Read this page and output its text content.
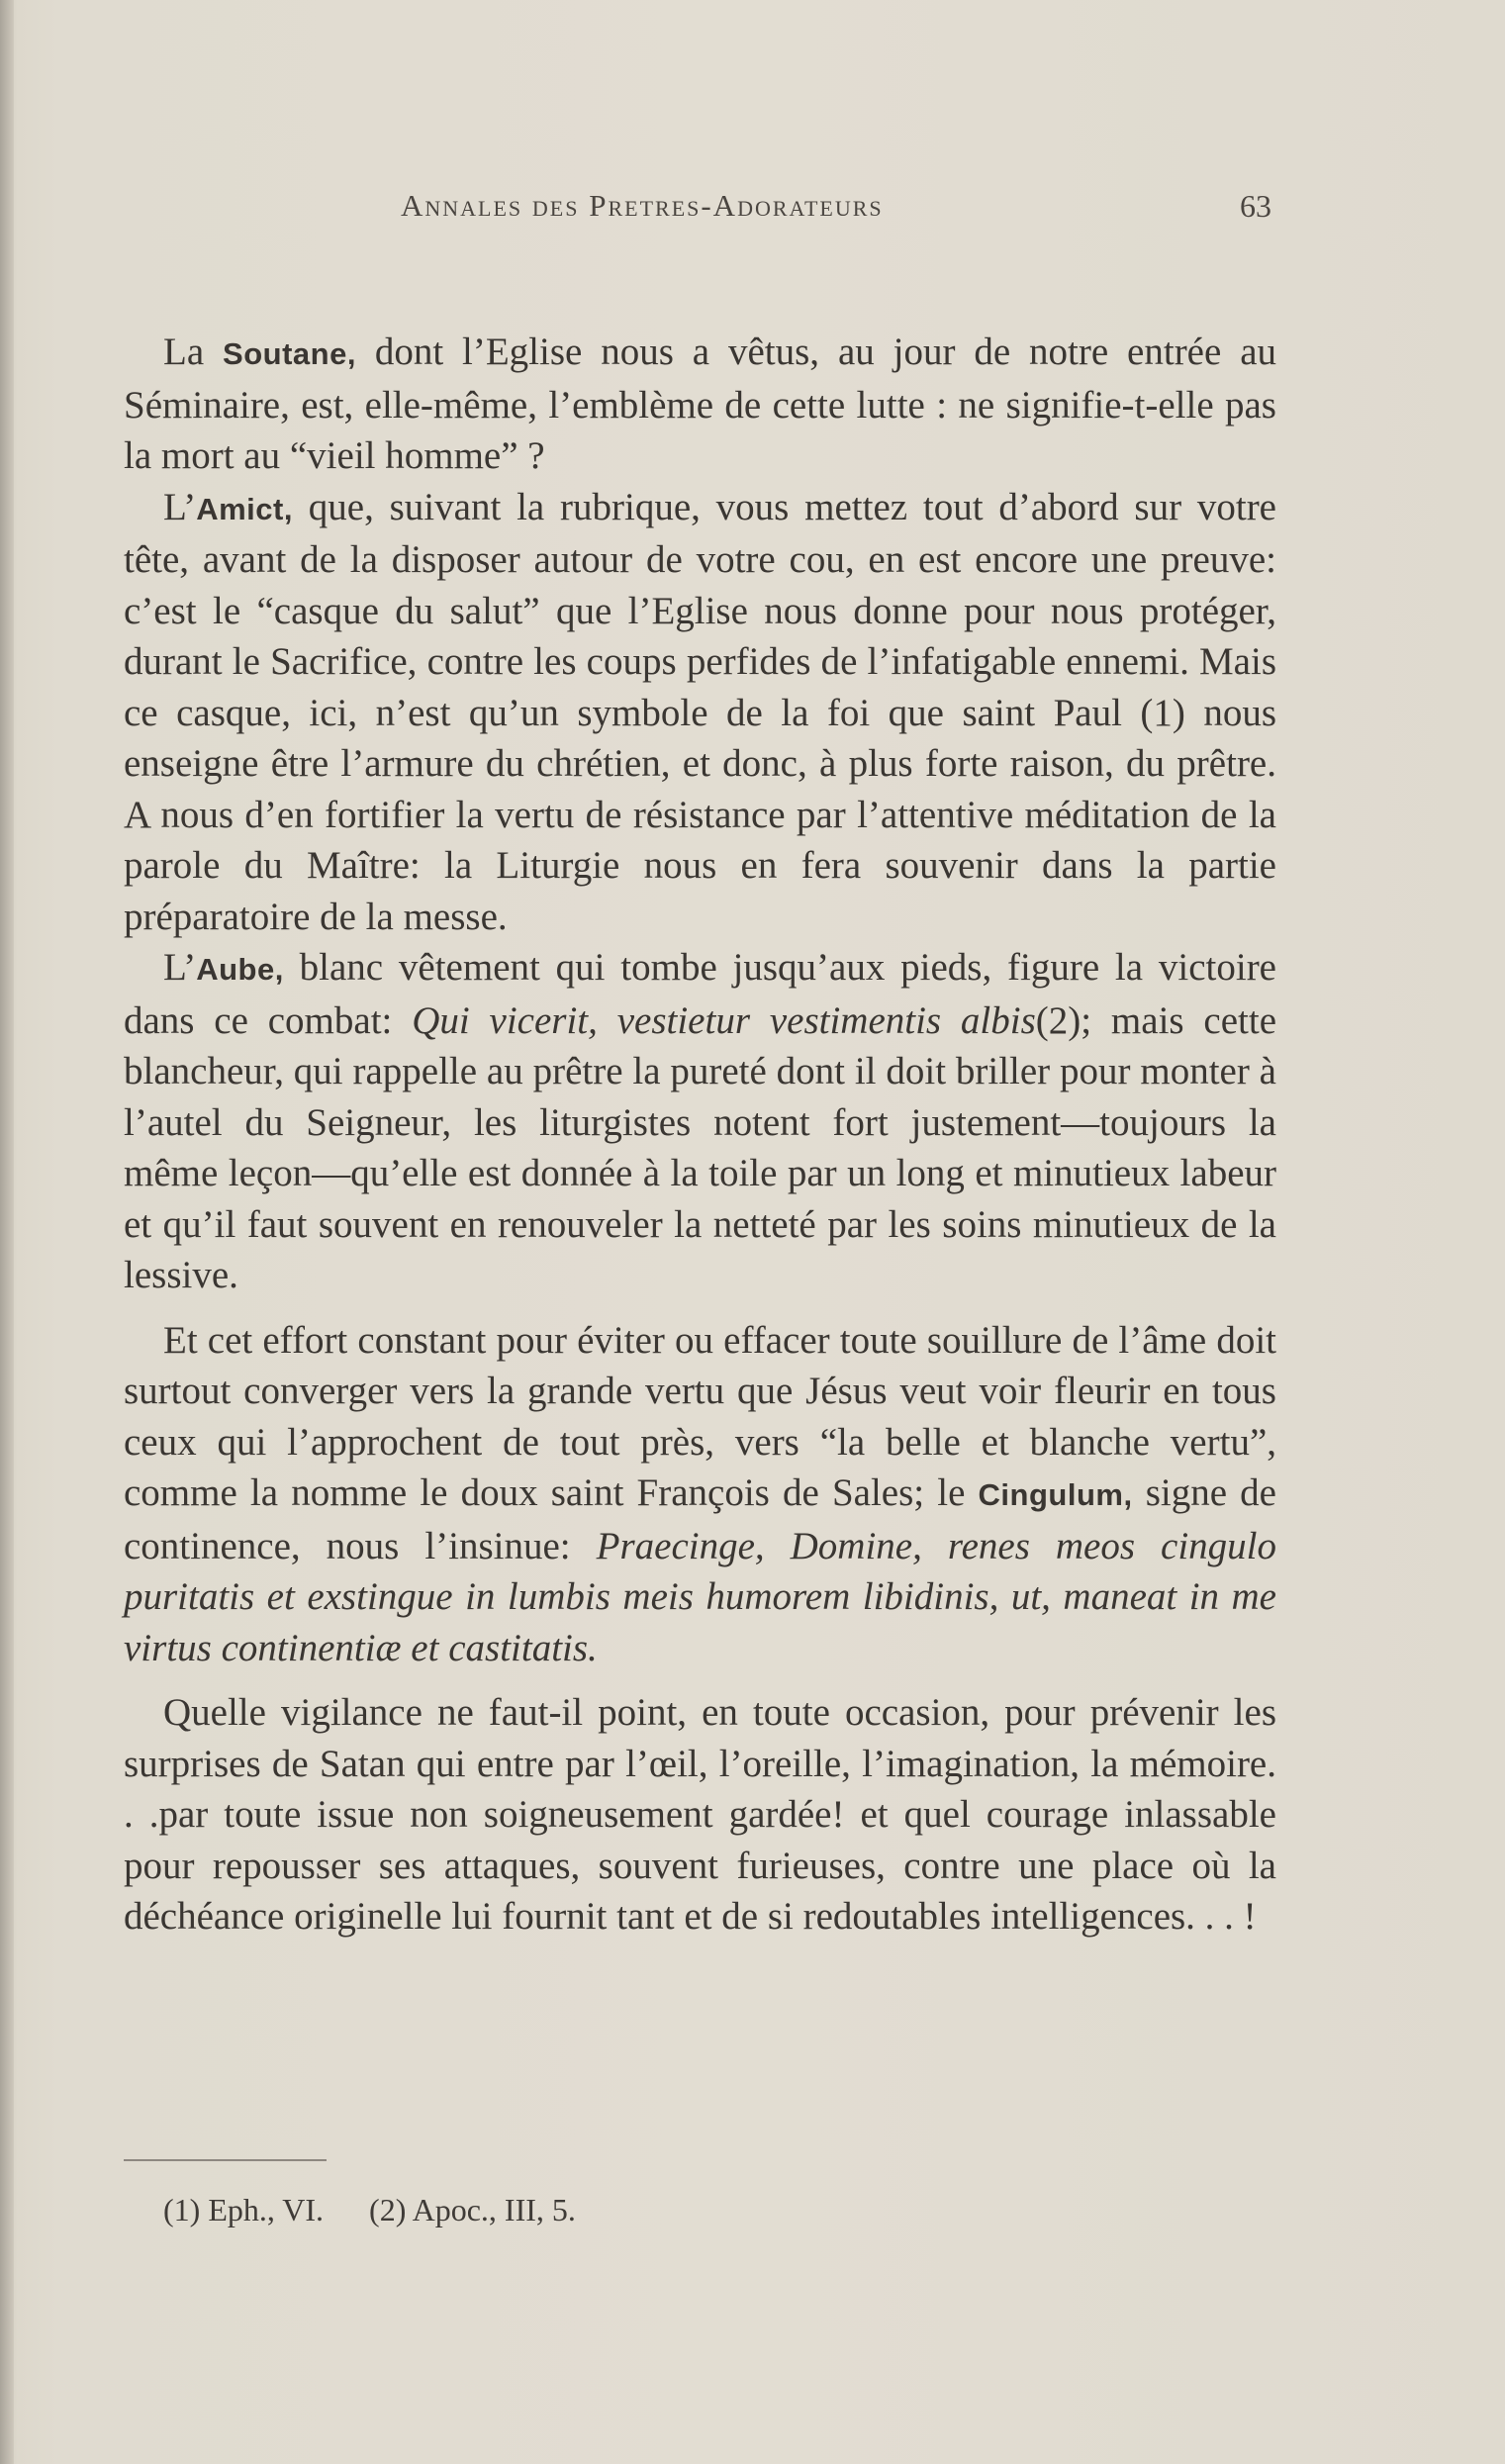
Annales des Pretres-Adorateurs	63

La Soutane, dont l’Eglise nous a vêtus, au jour de notre entrée au Séminaire, est, elle-même, l’emblème de cette lutte : ne signifie-t-elle pas la mort au “vieil homme” ?

L’Amict, que, suivant la rubrique, vous mettez tout d’abord sur votre tête, avant de la disposer autour de votre cou, en est encore une preuve: c’est le “casque du salut” que l’Eglise nous donne pour nous protéger, durant le Sacrifice, contre les coups perfides de l’infatigable ennemi. Mais ce casque, ici, n’est qu’un symbole de la foi que saint Paul (1) nous enseigne être l’armure du chrétien, et donc, à plus forte raison, du prêtre. A nous d’en fortifier la vertu de résistance par l’attentive méditation de la parole du Maître: la Liturgie nous en fera souvenir dans la partie préparatoire de la messe.

L’Aube, blanc vêtement qui tombe jusqu’aux pieds, figure la victoire dans ce combat: Qui vicerit, vestietur vestimentis albis(2); mais cette blancheur, qui rappelle au prêtre la pureté dont il doit briller pour monter à l’autel du Seigneur, les liturgistes notent fort justement—toujours la même leçon—qu’elle est donnée à la toile par un long et minutieux labeur et qu’il faut souvent en renouveler la netteté par les soins minutieux de la lessive.

Et cet effort constant pour éviter ou effacer toute souillure de l’âme doit surtout converger vers la grande vertu que Jésus veut voir fleurir en tous ceux qui l’approchent de tout près, vers “la belle et blanche vertu”, comme la nomme le doux saint François de Sales; le Cingulum, signe de continence, nous l’insinue: Praecinge, Domine, renes meos cingulo puritatis et exstingue in lumbis meis humorem libidinis, ut, maneat in me virtus continentiæ et castitatis.

Quelle vigilance ne faut-il point, en toute occasion, pour prévenir les surprises de Satan qui entre par l’œil, l’oreille, l’imagination, la mémoire. . .par toute issue non soigneusement gardée! et quel courage inlassable pour repousser ses attaques, souvent furieuses, contre une place où la déchéance originelle lui fournit tant et de si redoutables intelligences. . . !

(1) Eph., VI. (2) Apoc., III, 5.
